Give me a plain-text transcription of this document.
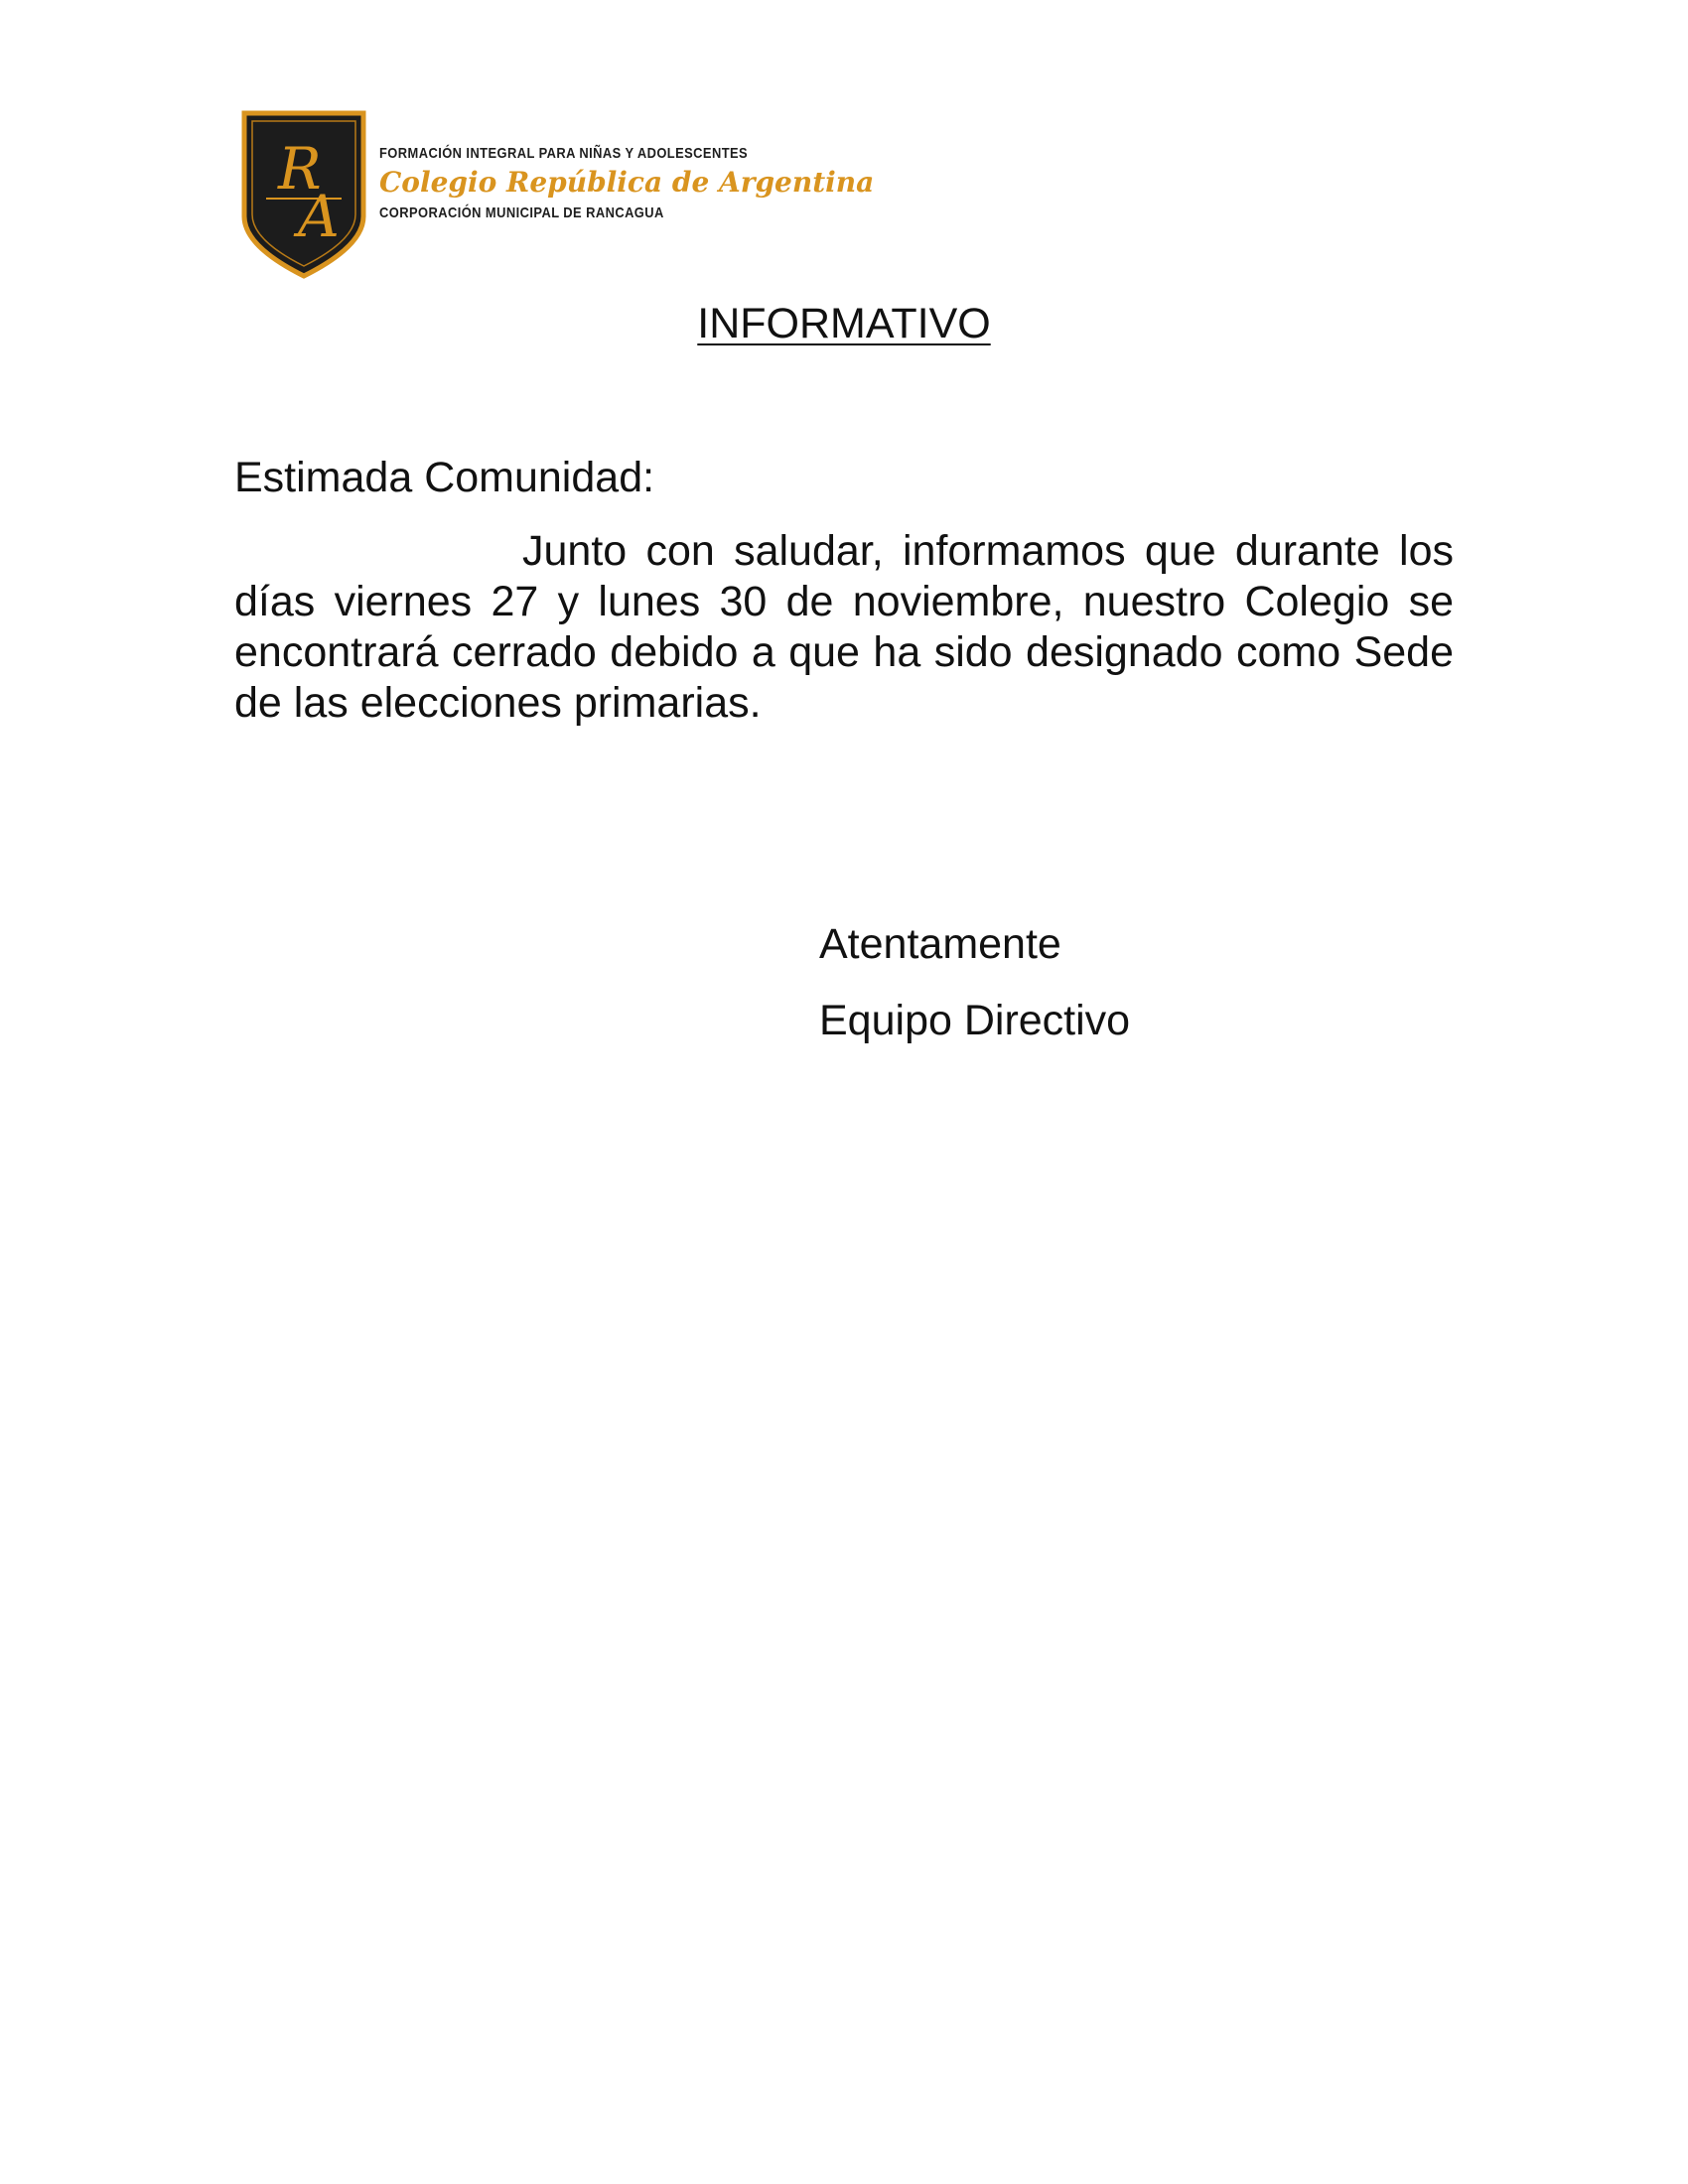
R
A
FORMACIÓN INTEGRAL PARA NIÑAS Y ADOLESCENTES
Colegio República de Argentina
CORPORACIÓN MUNICIPAL DE RANCAGUA
INFORMATIVO
Estimada Comunidad:
Junto con saludar, informamos que durante los días viernes 27 y lunes 30 de noviembre, nuestro Colegio se encontrará cerrado debido a que ha sido designado como Sede de las elecciones primarias.
Atentamente
Equipo Directivo
